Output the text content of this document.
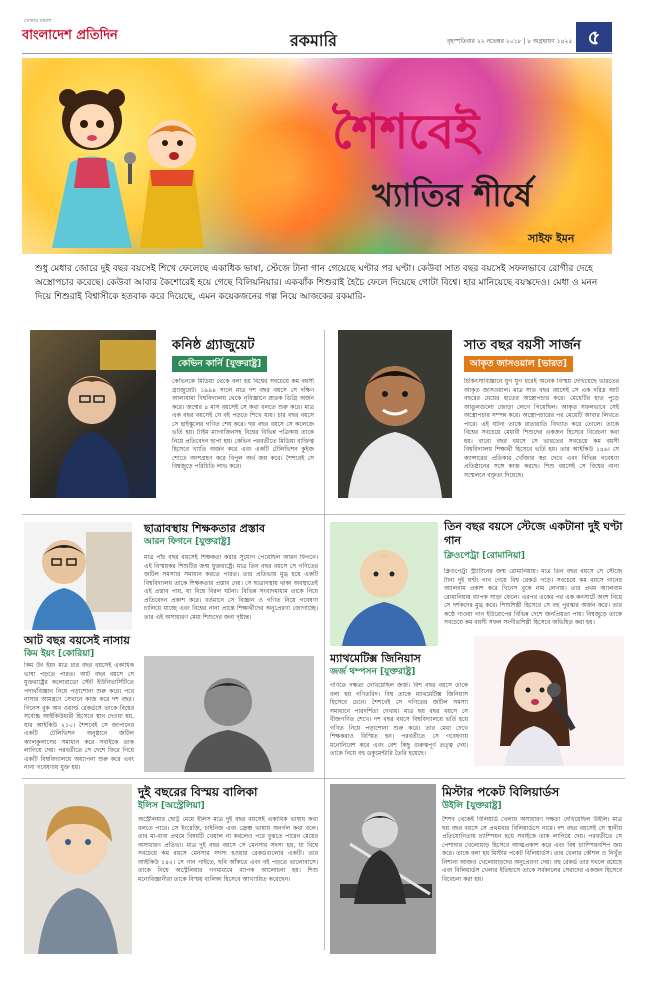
সোনার বাংলা
বাংলাদেশ প্রতিদিন	রকমারি	বৃহস্পতিবার ২২ নভেম্বর ২০১৮ | ৮ অগ্রহায়ণ ১৪২৫ ৫
শৈশবেই
খ্যাতির শীর্ষে
সাইফ ইমন
শুধু মেধার জোরে দুই বছর বয়সেই শিখে ফেলেছে একাধিক ভাষা, স্টেজে টানা গান গেয়েছে ঘণ্টার পর ঘণ্টা। কেউবা সাত বছর বয়সেই সফলভাবে রোগীর দেহে অস্ত্রোপচার করেছে। কেউবা আবার কৈশোরেই হয়ে গেছে বিলিয়নিয়ার। একঝাঁক শিশুরাই হৈচৈ ফেলে দিয়েছে গোটা বিশ্বে। হার মানিয়েছে বয়স্কদেও। মেধা ও মনন দিয়ে শিশুরাই বিশ্বাসীকে হতবাক করে দিয়েছে, এমন কয়েকজনের গল্প নিয়ে আজকের রকমারি-
কনিষ্ঠ গ্র্যাজুয়েট
কেভিন কার্নি [যুক্তরাষ্ট্র]
কেভিনকে মিডিয়া থেকে বলা হয় বিশ্বের সবচেয়ে কম বয়সী গ্র্যাজুয়েট। ১৯৯৪ সালে মাত্র দশ বছর বয়সে সে দক্ষিণ আলাবামা বিশ্ববিদ্যালয় থেকে নৃবিজ্ঞানে স্নাতক ডিগ্রি অর্জন করে। জন্মের ৪ মাস বয়সেই সে কথা বলতে শুরু করে। মাত্র এক বছর বয়সেই সে বই পড়তে শিখে যায়। চার বছর বয়সে সে হাইস্কুলের গণিত শেষ করে। ছয় বছর বয়সে সে কলেজে ভর্তি হয়। টাইম ম্যাগাজিনসহ বিশ্বের বিভিন্ন পত্রিকায় তাকে নিয়ে প্রতিবেদন ছাপা হয়। কেভিন পরবর্তীতে মিডিয়া ব্যক্তিত্ব হিসেবে খ্যাতি অর্জন করে এবং একটি টেলিভিশন কুইজ শোতে অংশগ্রহণ করে বিপুল অর্থ জয় করে। শৈশবেই সে বিশ্বজুড়ে পরিচিতি লাভ করে।
সাত বছর বয়সী সার্জন
আকৃত জাসওয়াল [ভারত]
চিকিৎসাবিজ্ঞানে যুগ যুগ ধরেই অনেক বিস্ময় দেখিয়েছে ভারতের আকৃত জাসওয়াল। মাত্র সাত বছর বয়সেই সে এক দরিদ্র আট বছরের মেয়ের হাতের অস্ত্রোপচার করে। মেয়েটির হাত পুড়ে আঙুলগুলো জোড়া লেগে গিয়েছিল। আকৃত সফলভাবে সেই অস্ত্রোপচার সম্পন্ন করে। অস্ত্রোপচারের পর মেয়েটি আবার লিখতে পারে। এই ঘটনা তাকে রাতারাতি বিখ্যাত করে তোলে। তাকে বিশ্বের সবচেয়ে মেধাবী শিশুদের একজন হিসেবে বিবেচনা করা হয়। বারো বছর বয়সে সে ভারতের সবচেয়ে কম বয়সী বিশ্ববিদ্যালয় শিক্ষার্থী হিসেবে ভর্তি হয়। তার আইকিউ ১৪৬। সে ক্যান্সারের প্রতিকার খোঁজার স্বপ্ন দেখে এবং বিভিন্ন গবেষণা প্রতিষ্ঠানের সঙ্গে কাজ করছে। শিশু বয়সেই সে বিশ্বের নানা সম্মেলনে বক্তৃতা দিয়েছে।
আট বছর বয়সেই নাসায়
কিম ইয়ং [কোরিয়া]
কিম উং ইয়ং মাত্র চার বছর বয়সেই একাধিক ভাষা পড়তে পারত। আট বছর বয়সে সে যুক্তরাষ্ট্রের কলোরাডো স্টেট ইউনিভার্সিটিতে পদার্থবিজ্ঞান নিয়ে পড়াশোনা শুরু করে। পরে নাসার আমন্ত্রণে সেখানে কাজ করে দশ বছর। গিনেস বুক অব ওয়ার্ল্ড রেকর্ডসে তাকে বিশ্বের সর্বোচ্চ আইকিউধারী হিসেবে স্থান দেওয়া হয়, যার আইকিউ ২১০। শৈশবেই সে জাপানের একটি টেলিভিশন অনুষ্ঠানে জটিল ক্যালকুলাসের সমাধান করে সবাইকে তাক লাগিয়ে দেয়। পরবর্তীতে সে দেশে ফিরে গিয়ে একটি বিশ্ববিদ্যালয়ে অধ্যাপনা শুরু করে এবং নানা গবেষণায় যুক্ত হয়।
ছাত্রাবস্থায় শিক্ষকতার প্রস্তাব
আরন ফিগনে [যুক্তরাষ্ট্র]
মাত্র পাঁচ বছর বয়সেই শিক্ষকতা করার সুযোগ পেয়েছিল আরন ফিগনে। এই বিস্ময়কর শিশুটির জন্ম যুক্তরাষ্ট্রে। মাত্র তিন বছর বয়সে সে গণিতের জটিল সমস্যার সমাধান করতে পারত। তার প্রতিভায় মুগ্ধ হয়ে একটি বিশ্ববিদ্যালয় তাকে শিক্ষকতার প্রস্তাব দেয়। সে ছাত্রাবস্থায় থাকা অবস্থাতেই এই প্রস্তাব পায়, যা বিশ্বে বিরল ঘটনা। বিভিন্ন সংবাদমাধ্যম তাকে নিয়ে প্রতিবেদন প্রকাশ করে। বর্তমানে সে বিজ্ঞান ও গণিত নিয়ে গবেষণা চালিয়ে যাচ্ছে এবং বিশ্বের নানা প্রান্তে শিক্ষার্থীদের অনুপ্রেরণা জোগাচ্ছে। তার এই অসাধারণ মেধা শিশুদের জন্য দৃষ্টান্ত।
তিন বছর বয়সে স্টেজে একটানা দুই ঘণ্টা গান
ক্লিওপেট্রা [রোমানিয়া]
ক্লিওপেট্রা স্ট্র্যাটানের জন্ম রোমানিয়ায়। মাত্র তিন বছর বয়সে সে স্টেজে টানা দুই ঘণ্টা গান গেয়ে বিশ্ব রেকর্ড গড়ে। সবচেয়ে কম বয়সে গানের অ্যালবাম প্রকাশ করে গিনেস বুকে নাম লেখায়। তার প্রথম অ্যালবাম রোমানিয়ায় ব্যাপক সাড়া ফেলে। এরপর একের পর এক কনসার্টে অংশ নিয়ে সে দর্শকদের মুগ্ধ করে। শিশুশিল্পী হিসেবে সে বহু পুরস্কার অর্জন করে। তার কণ্ঠে গাওয়া গান ইউরোপের বিভিন্ন দেশে জনপ্রিয়তা পায়। বিশ্বজুড়ে তাকে সবচেয়ে কম বয়সী সফল সংগীতশিল্পী হিসেবে অভিহিত করা হয়।
ম্যাথমেটিক্স জিনিয়াস
জর্জ থম্পসন [যুক্তরাষ্ট্র]
গণিতে দক্ষতা দেখিয়েছিল জর্জ। বিশ বছর বয়সে তাকে বলা হয় গণিতবিদ। বিশ্ব তাকে ম্যাথমেটিক্স জিনিয়াস হিসেবে চেনে। শৈশবেই সে গণিতের জটিল সমস্যা সমাধানে পারদর্শিতা দেখায়। মাত্র ছয় বছর বয়সে সে বীজগণিত শেখে। দশ বছর বয়সে বিশ্ববিদ্যালয়ে ভর্তি হয়ে গণিত নিয়ে পড়াশোনা শুরু করে। তার মেধা দেখে শিক্ষকরাও বিস্মিত হন। পরবর্তীতে সে গবেষণায় মনোনিবেশ করে এবং বেশ কিছু গুরুত্বপূর্ণ তত্ত্ব দেয়। তাকে নিয়ে বহু ডকুমেন্টারি তৈরি হয়েছে।
দুই বছরের বিস্ময় বালিকা
ইলিস [অস্ট্রেলিয়া]
অস্ট্রেলিয়ার ছোট্ট মেয়ে ইলিস মাত্র দুই বছর বয়সেই একাধিক ভাষায় কথা বলতে পারে। সে ইংরেজি, চাইনিজ এবং ফ্রেঞ্চ ভাষায় অনর্গল কথা বলে। তার মা-বাবা প্রথমে বিষয়টি খেয়াল না করলেও পরে বুঝতে পারেন মেয়ের অসাধারণ প্রতিভা। মাত্র দুই বছর বয়সে সে মেনসার সদস্য হয়, যা বিশ্বে সবচেয়ে কম বয়সে মেনসার সদস্য হওয়ার রেকর্ডগুলোর একটি। তার আইকিউ ১৪২। সে গান গাইতে, ছবি আঁকতে এবং বই পড়তে ভালোবাসে। তাকে নিয়ে অস্ট্রেলিয়ার গণমাধ্যমে ব্যাপক আলোচনা হয়। শিশু মনোবিজ্ঞানীরা তাকে বিস্ময় বালিকা হিসেবে আখ্যায়িত করেছেন।
মিস্টার পকেট বিলিয়ার্ডস
উইলি [যুক্তরাষ্ট্র]
শৈশব থেকেই বিলিয়ার্ড খেলায় অসাধারণ দক্ষতা দেখিয়েছিল উইলি। মাত্র ছয় বছর বয়সে সে প্রথমবার বিলিয়ার্ডসে নামে। দশ বছর বয়সেই সে স্থানীয় প্রতিযোগিতায় চ্যাম্পিয়ন হয়ে সবাইকে তাক লাগিয়ে দেয়। পরবর্তীতে সে পেশাদার খেলোয়াড় হিসেবে আত্মপ্রকাশ করে এবং বিশ্ব চ্যাম্পিয়নশিপ জয় করে। তাকে বলা হয় মিস্টার পকেট বিলিয়ার্ডস। তার খেলার কৌশল ও নিখুঁত নিশানা আজও খেলোয়াড়দের অনুপ্রেরণা দেয়। বহু রেকর্ড তার দখলে রয়েছে এবং বিলিয়ার্ডস খেলার ইতিহাসে তাকে সর্বকালের সেরাদের একজন হিসেবে বিবেচনা করা হয়।
